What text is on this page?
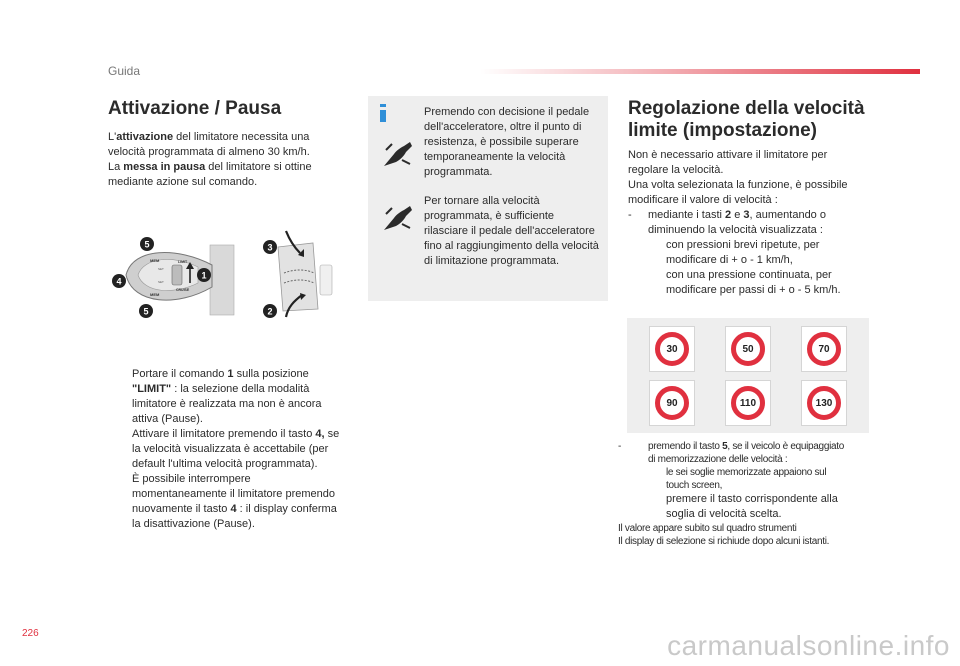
Guida
Attivazione / Pausa
L'attivazione del limitatore necessita una
velocità programmata di almeno 30 km/h.
La messa in pausa del limitatore si ottine
mediante azione sul comando.
MEM
MEM
LIMIT
CRUISE
SET
SET
1
2
3
4
5
5
Portare il comando 1 sulla posizione
"LIMIT" : la selezione della modalità
limitatore è realizzata ma non è ancora
attiva (Pause).
Attivare il limitatore premendo il tasto 4, se
la velocità visualizzata è accettabile (per
default l'ultima velocità programmata).
È possibile interrompere
momentaneamente il limitatore premendo
nuovamente il tasto 4 : il display conferma
la disattivazione (Pause).
Premendo con decisione il pedale
dell'acceleratore, oltre il punto di
resistenza, è possibile superare
temporaneamente la velocità
programmata.
Per tornare alla velocità
programmata, è sufficiente
rilasciare il pedale dell'acceleratore
fino al raggiungimento della velocità
di limitazione programmata.
Regolazione della velocità
limite (impostazione)
Non è necessario attivare il limitatore per
regolare la velocità.
Una volta selezionata la funzione, è possibile
modificare il valore di velocità :
- mediante i tasti 2 e 3, aumentando o
diminuendo la velocità visualizzata :
con pressioni brevi ripetute, per
modificare di + o - 1 km/h,
con una pressione continuata, per
modificare per passi di + o - 5 km/h.
30	50	70
90	110	130
-	premendo il tasto 5, se il veicolo è equipaggiato
di memorizzazione delle velocità :
le sei soglie memorizzate appaiono sul
touch screen,
premere il tasto corrispondente alla
soglia di velocità scelta.
Il valore appare subito sul quadro strumenti
Il display di selezione si richiude dopo alcuni istanti.
226	carmanualsonline.info
